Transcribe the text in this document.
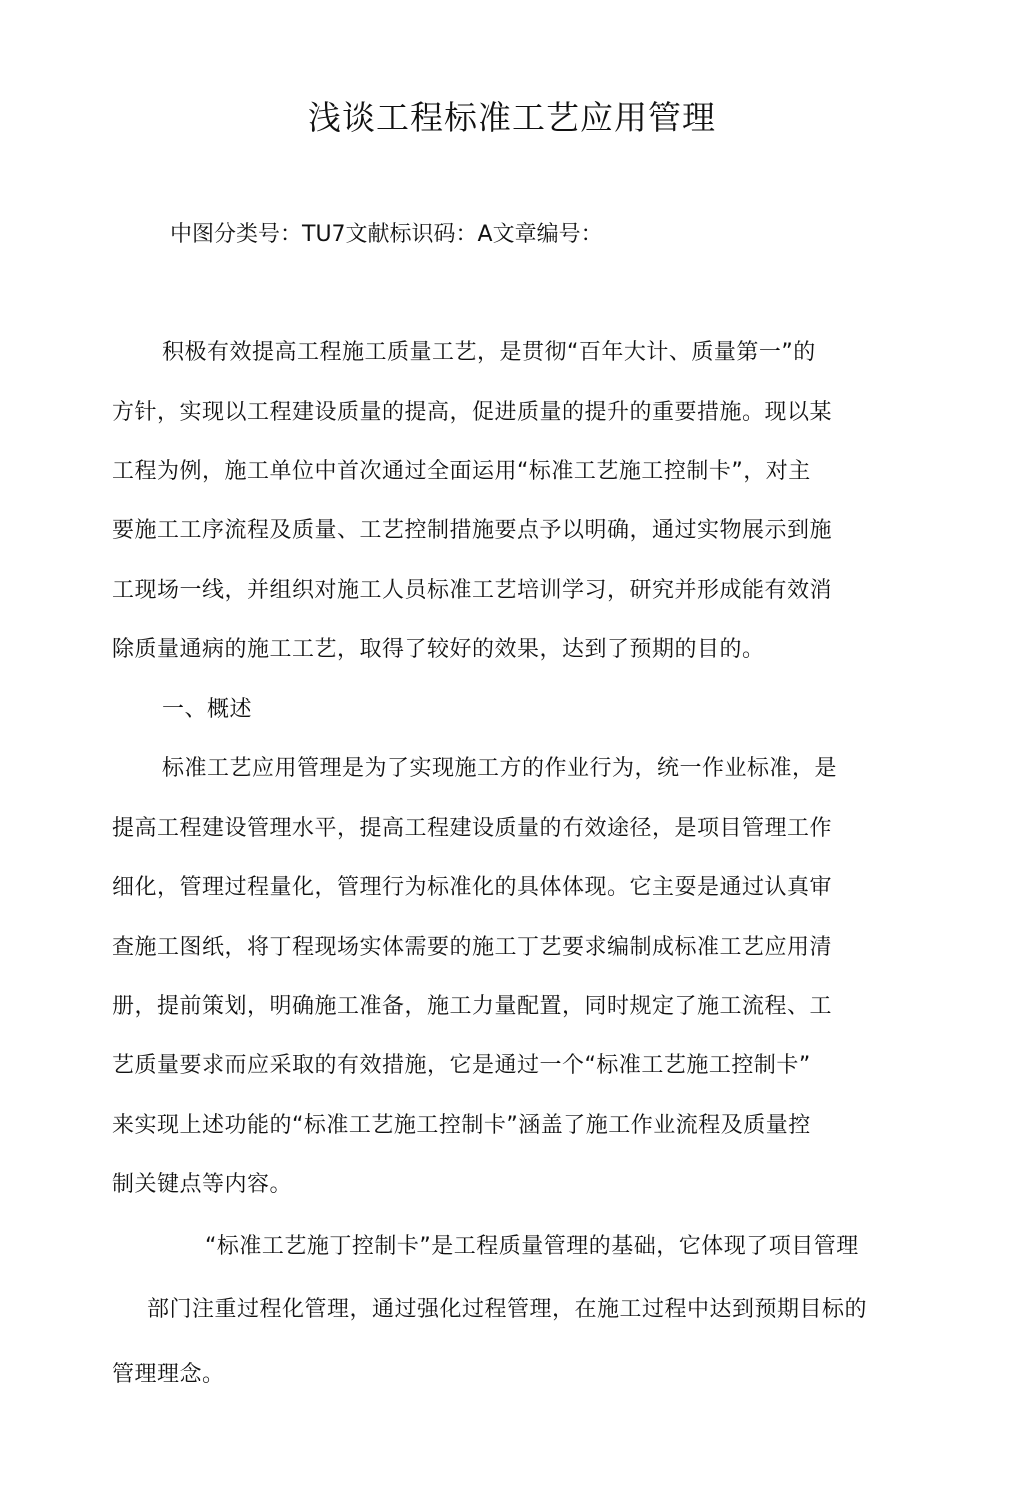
浅谈工程标准工艺应用管理
中图分类号：TU7文献标识码：A文章编号：
积极有效提高工程施工质量工艺，是贯彻“百年大计、质量第一”的
方针，实现以工程建设质量的提高，促进质量的提升的重要措施。现以某
工程为例，施工单位中首次通过全面运用“标准工艺施工控制卡”，对主
要施工工序流程及质量、工艺控制措施要点予以明确，通过实物展示到施
工现场一线，并组织对施工人员标准工艺培训学习，研究并形成能有效消
除质量通病的施工工艺，取得了较好的效果，达到了预期的目的。
一、概述
标准工艺应用管理是为了实现施工方的作业行为，统一作业标准，是
提高工程建设管理水平，提高工程建设质量的冇效途径，是项目管理工作
细化，管理过程量化，管理行为标准化的具体体现。它主耍是通过认真审
查施工图纸，将丁程现场实体需要的施工丁艺要求编制成标准工艺应用清
册，提前策划，明确施工准备，施工力量配置，同时规定了施工流程、工
艺质量要求而应采取的有效措施，它是通过一个“标准工艺施工控制卡”
来实现上述功能的“标准工艺施工控制卡”涵盖了施工作业流程及质量控
制关键点等内容。
“标准工艺施丁控制卡”是工程质量管理的基础，它体现了项目管理
部门注重过程化管理，通过强化过程管理，在施工过程中达到预期目标的
管理理念。
